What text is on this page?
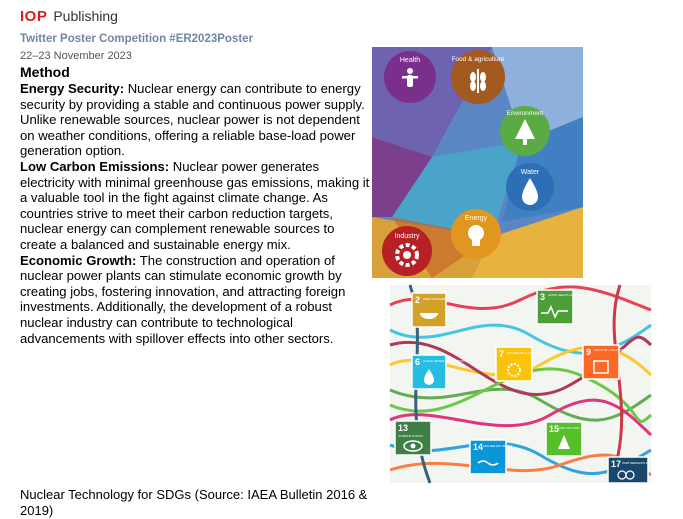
IOP Publishing
Twitter Poster Competition #ER2023Poster
22–23 November 2023
Method

Energy Security: Nuclear energy can contribute to energy security by providing a stable and continuous power supply. Unlike renewable sources, nuclear power is not dependent on weather conditions, offering a reliable base-load power generation option.

Low Carbon Emissions: Nuclear power generates electricity with minimal greenhouse gas emissions, making it a valuable tool in the fight against climate change. As countries strive to meet their carbon reduction targets, nuclear energy can complement renewable sources to create a balanced and sustainable energy mix.

Economic Growth: The construction and operation of nuclear power plants can stimulate economic growth by creating jobs, fostering innovation, and attracting foreign investments. Additionally, the development of a robust nuclear industry can contribute to technological advancements with spillover effects into other sectors.

Nuclear Technology for SDGs (Source: IAEA Bulletin 2016 & 2019)
Health	Food & agriculture
Environment
Water
Energy
Industry
2 ZERO HUNGER	3 GOOD HEALTH AND WELL-BEING
6 CLEAN WATER AND SANITATION
7 AFFORDABLE AND CLEAN ENERGY	9 INDUSTRY, INNOVATION AND INFRASTRUCTURE
13
CLIMATE ACTION
14 LIFE BELOW WATER
15 LIFE ON LAND
17 PARTNERSHIPS FOR THE GOALS
